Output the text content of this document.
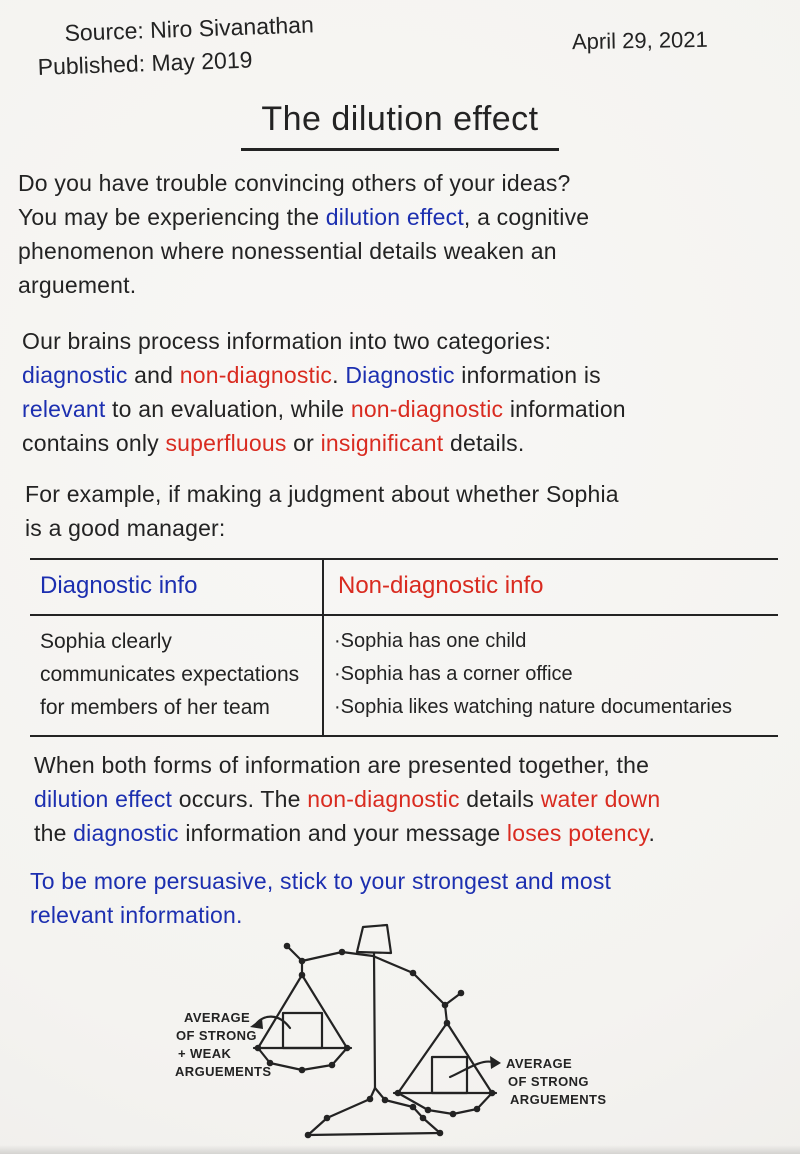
Source: Niro Sivanathan
Published: May 2019
April 29, 2021
The dilution effect
Do you have trouble convincing others of your ideas?
You may be experiencing the dilution effect, a cognitive
phenomenon where nonessential details weaken an
arguement.
Our brains process information into two categories:
diagnostic and non-diagnostic. Diagnostic information is
relevant to an evaluation, while non-diagnostic information
contains only superfluous or insignificant details.
For example, if making a judgment about whether Sophia
is a good manager:
Diagnostic info	Non-diagnostic info
Sophia clearly
communicates expectations
for members of her team
·Sophia has one child
·Sophia has a corner office
·Sophia likes watching nature documentaries
When both forms of information are presented together, the
dilution effect occurs. The non-diagnostic details water down
the diagnostic information and your message loses potency.
To be more persuasive, stick to your strongest and most
relevant information.
AVERAGE
OF STRONG
+ WEAK
ARGUEMENTS
AVERAGE
OF STRONG
ARGUEMENTS
